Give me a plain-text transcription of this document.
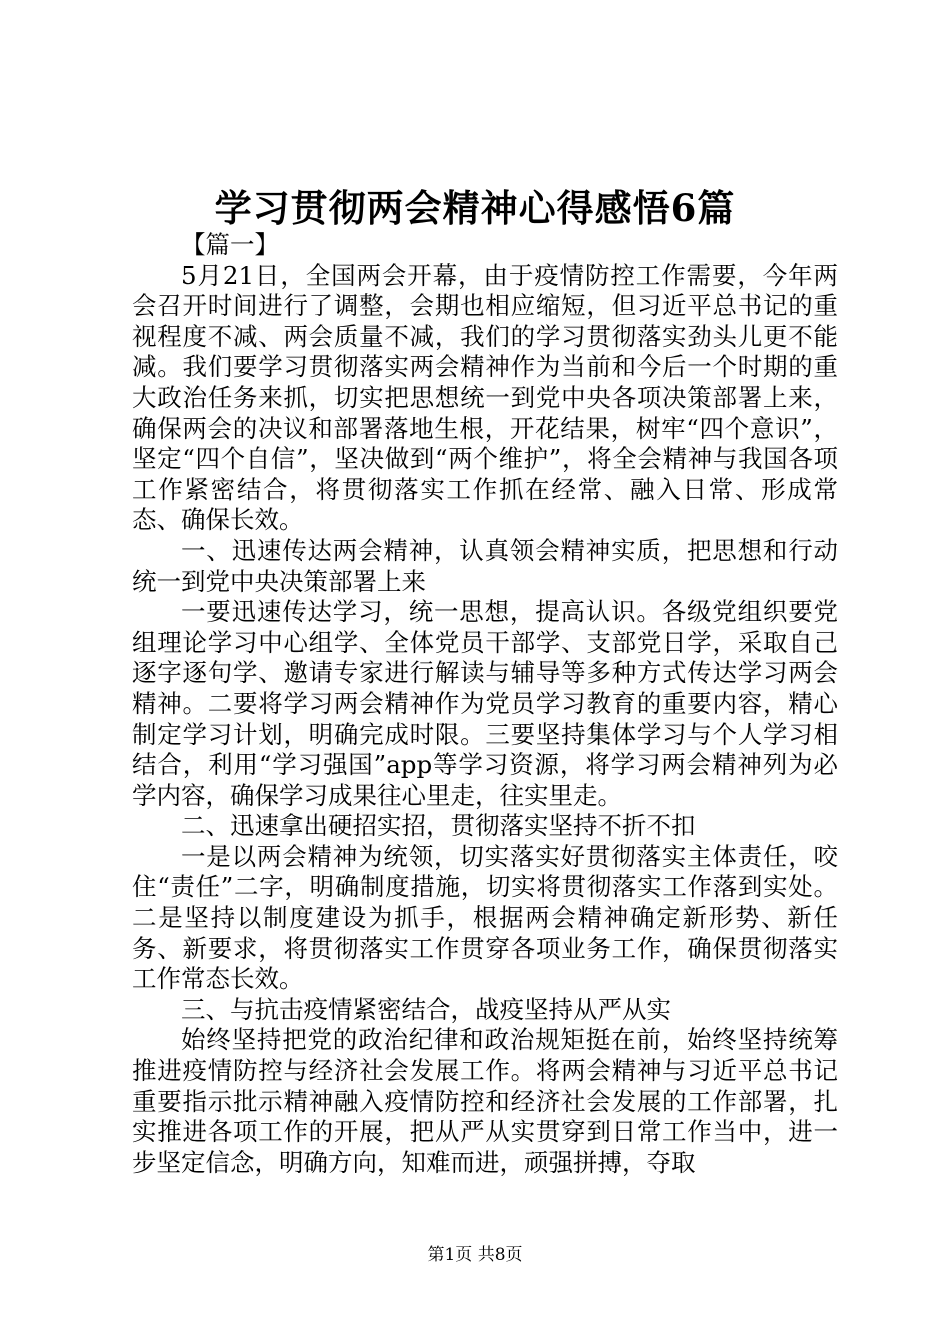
学习贯彻两会精神心得感悟6篇

【篇一】

5月21日，全国两会开幕，由于疫情防控工作需要，今年两会召开时间进行了调整，会期也相应缩短，但习近平总书记的重视程度不减、两会质量不减，我们的学习贯彻落实劲头儿更不能减。我们要学习贯彻落实两会精神作为当前和今后一个时期的重大政治任务来抓，切实把思想统一到党中央各项决策部署上来，确保两会的决议和部署落地生根，开花结果，树牢“四个意识”，坚定“四个自信”，坚决做到“两个维护”，将全会精神与我国各项工作紧密结合，将贯彻落实工作抓在经常、融入日常、形成常态、确保长效。

一、迅速传达两会精神，认真领会精神实质，把思想和行动统一到党中央决策部署上来

一要迅速传达学习，统一思想，提高认识。各级党组织要党组理论学习中心组学、全体党员干部学、支部党日学，采取自己逐字逐句学、邀请专家进行解读与辅导等多种方式传达学习两会精神。二要将学习两会精神作为党员学习教育的重要内容，精心制定学习计划，明确完成时限。三要坚持集体学习与个人学习相结合，利用“学习强国”app等学习资源，将学习两会精神列为必学内容，确保学习成果往心里走，往实里走。

二、迅速拿出硬招实招，贯彻落实坚持不折不扣

一是以两会精神为统领，切实落实好贯彻落实主体责任，咬住“责任”二字，明确制度措施，切实将贯彻落实工作落到实处。二是坚持以制度建设为抓手，根据两会精神确定新形势、新任务、新要求，将贯彻落实工作贯穿各项业务工作，确保贯彻落实工作常态长效。

三、与抗击疫情紧密结合，战疫坚持从严从实

始终坚持把党的政治纪律和政治规矩挺在前，始终坚持统筹推进疫情防控与经济社会发展工作。将两会精神与习近平总书记重要指示批示精神融入疫情防控和经济社会发展的工作部署，扎实推进各项工作的开展，把从严从实贯穿到日常工作当中，进一步坚定信念，明确方向，知难而进，顽强拼搏，夺取

第1页 共8页
